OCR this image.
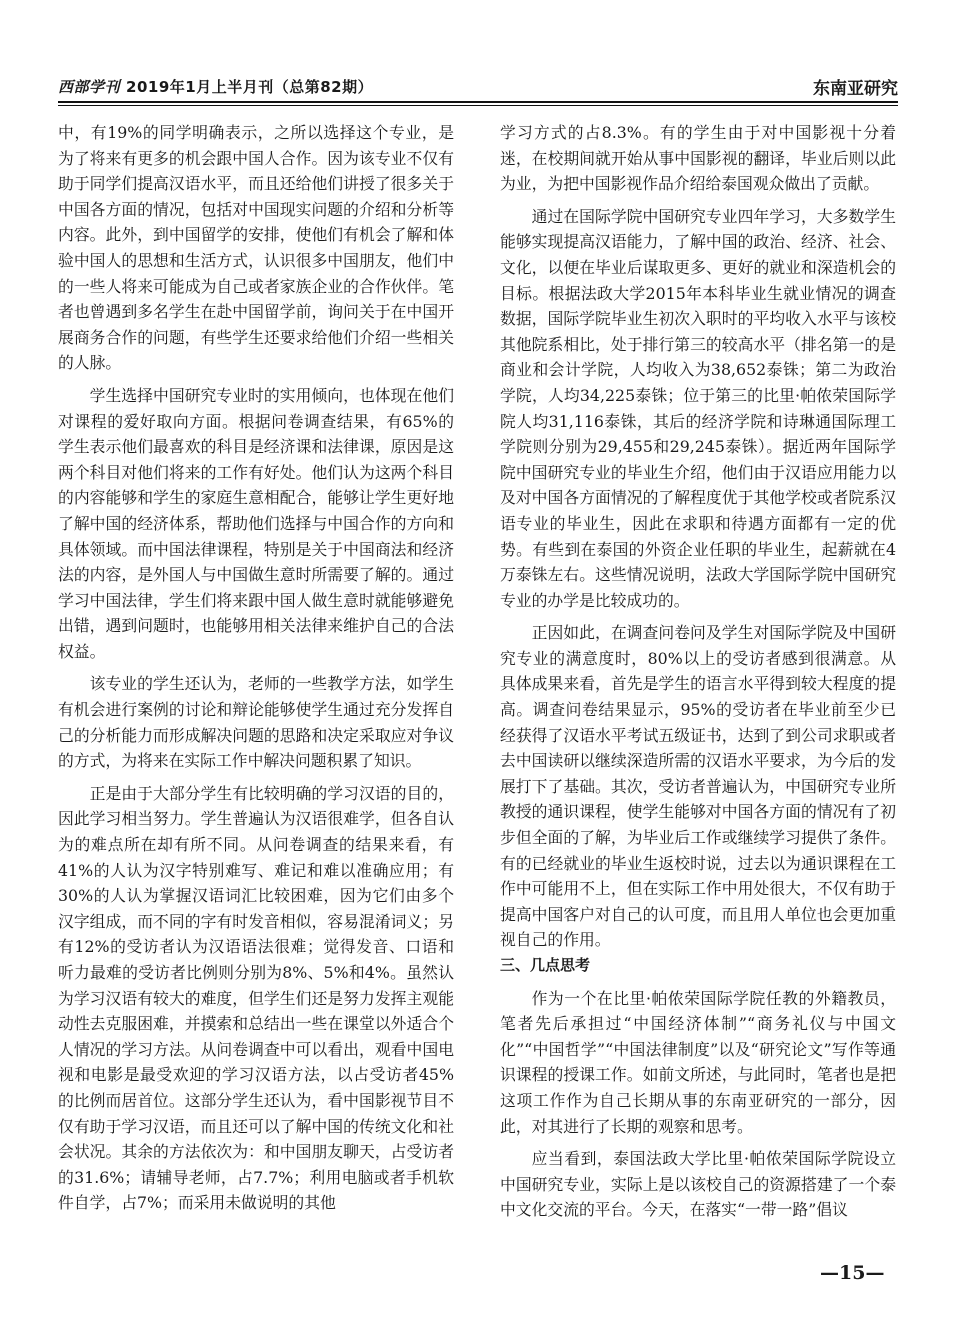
西部学刊 2019年1月上半月刊（总第82期）	东南亚研究

中，有19%的同学明确表示，之所以选择这个专业，是为了将来有更多的机会跟中国人合作。因为该专业不仅有助于同学们提高汉语水平，而且还给他们讲授了很多关于中国各方面的情况，包括对中国现实问题的介绍和分析等内容。此外，到中国留学的安排，使他们有机会了解和体验中国人的思想和生活方式，认识很多中国朋友，他们中的一些人将来可能成为自己或者家族企业的合作伙伴。笔者也曾遇到多名学生在赴中国留学前，询问关于在中国开展商务合作的问题，有些学生还要求给他们介绍一些相关的人脉。

学生选择中国研究专业时的实用倾向，也体现在他们对课程的爱好取向方面。根据问卷调查结果，有65%的学生表示他们最喜欢的科目是经济课和法律课，原因是这两个科目对他们将来的工作有好处。他们认为这两个科目的内容能够和学生的家庭生意相配合，能够让学生更好地了解中国的经济体系，帮助他们选择与中国合作的方向和具体领域。而中国法律课程，特别是关于中国商法和经济法的内容，是外国人与中国做生意时所需要了解的。通过学习中国法律，学生们将来跟中国人做生意时就能够避免出错，遇到问题时，也能够用相关法律来维护自己的合法权益。

该专业的学生还认为，老师的一些教学方法，如学生有机会进行案例的讨论和辩论能够使学生通过充分发挥自己的分析能力而形成解决问题的思路和决定采取应对争议的方式，为将来在实际工作中解决问题积累了知识。

正是由于大部分学生有比较明确的学习汉语的目的，因此学习相当努力。学生普遍认为汉语很难学，但各自认为的难点所在却有所不同。从问卷调查的结果来看，有41%的人认为汉字特别难写、难记和难以准确应用；有30%的人认为掌握汉语词汇比较困难，因为它们由多个汉字组成，而不同的字有时发音相似，容易混淆词义；另有12%的受访者认为汉语语法很难；觉得发音、口语和听力最难的受访者比例则分别为8%、5%和4%。虽然认为学习汉语有较大的难度，但学生们还是努力发挥主观能动性去克服困难，并摸索和总结出一些在课堂以外适合个人情况的学习方法。从问卷调查中可以看出，观看中国电视和电影是最受欢迎的学习汉语方法，以占受访者45%的比例而居首位。这部分学生还认为，看中国影视节目不仅有助于学习汉语，而且还可以了解中国的传统文化和社会状况。其余的方法依次为：和中国朋友聊天，占受访者的31.6%；请辅导老师，占7.7%；利用电脑或者手机软件自学，占7%；而采用未做说明的其他

学习方式的占8.3%。有的学生由于对中国影视十分着迷，在校期间就开始从事中国影视的翻译，毕业后则以此为业，为把中国影视作品介绍给泰国观众做出了贡献。

通过在国际学院中国研究专业四年学习，大多数学生能够实现提高汉语能力，了解中国的政治、经济、社会、文化，以便在毕业后谋取更多、更好的就业和深造机会的目标。根据法政大学2015年本科毕业生就业情况的调查数据，国际学院毕业生初次入职时的平均收入水平与该校其他院系相比，处于排行第三的较高水平（排名第一的是商业和会计学院，人均收入为38,652泰铢；第二为政治学院，人均34,225泰铢；位于第三的比里·帕侬荣国际学院人均31,116泰铢，其后的经济学院和诗琳通国际理工学院则分别为29,455和29,245泰铢）。据近两年国际学院中国研究专业的毕业生介绍，他们由于汉语应用能力以及对中国各方面情况的了解程度优于其他学校或者院系汉语专业的毕业生，因此在求职和待遇方面都有一定的优势。有些到在泰国的外资企业任职的毕业生，起薪就在4万泰铢左右。这些情况说明，法政大学国际学院中国研究专业的办学是比较成功的。

正因如此，在调查问卷问及学生对国际学院及中国研究专业的满意度时，80%以上的受访者感到很满意。从具体成果来看，首先是学生的语言水平得到较大程度的提高。调查问卷结果显示，95%的受访者在毕业前至少已经获得了汉语水平考试五级证书，达到了到公司求职或者去中国读研以继续深造所需的汉语水平要求，为今后的发展打下了基础。其次，受访者普遍认为，中国研究专业所教授的通识课程，使学生能够对中国各方面的情况有了初步但全面的了解，为毕业后工作或继续学习提供了条件。有的已经就业的毕业生返校时说，过去以为通识课程在工作中可能用不上，但在实际工作中用处很大，不仅有助于提高中国客户对自己的认可度，而且用人单位也会更加重视自己的作用。

三、几点思考

作为一个在比里·帕侬荣国际学院任教的外籍教员，笔者先后承担过“中国经济体制”“商务礼仪与中国文化”“中国哲学”“中国法律制度”以及“研究论文”写作等通识课程的授课工作。如前文所述，与此同时，笔者也是把这项工作作为自己长期从事的东南亚研究的一部分，因此，对其进行了长期的观察和思考。

应当看到，泰国法政大学比里·帕侬荣国际学院设立中国研究专业，实际上是以该校自己的资源搭建了一个泰中文化交流的平台。今天，在落实“一带一路”倡议

—15—
